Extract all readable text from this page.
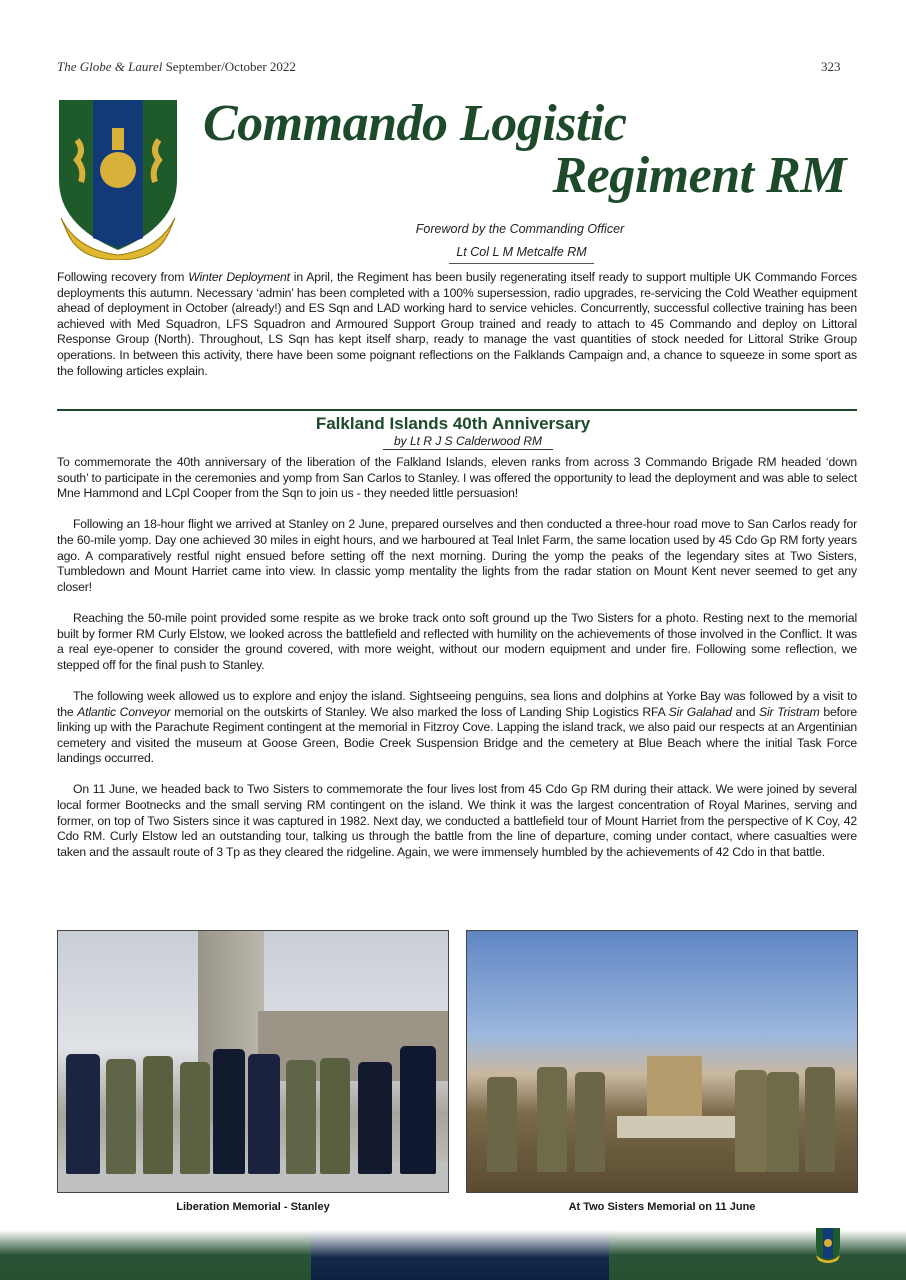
The Globe & Laurel September/October 2022	323
Commando Logistic
Regiment RM
Foreword by the Commanding Officer
Lt Col L M Metcalfe RM

Following recovery from Winter Deployment in April, the Regiment has been busily regenerating itself ready to support multiple UK Commando Forces deployments this autumn. Necessary ‘admin’ has been completed with a 100% supersession, radio upgrades, re-servicing the Cold Weather equipment ahead of deployment in October (already!) and ES Sqn and LAD working hard to service vehicles. Concurrently, successful collective training has been achieved with Med Squadron, LFS Squadron and Armoured Support Group trained and ready to attach to 45 Commando and deploy on Littoral Response Group (North). Throughout, LS Sqn has kept itself sharp, ready to manage the vast quantities of stock needed for Littoral Strike Group operations. In between this activity, there have been some poignant reflections on the Falklands Campaign and, a chance to squeeze in some sport as the following articles explain.

Falkland Islands 40th Anniversary
by Lt R J S Calderwood RM

To commemorate the 40th anniversary of the liberation of the Falkland Islands, eleven ranks from across 3 Commando Brigade RM headed ‘down south’ to participate in the ceremonies and yomp from San Carlos to Stanley. I was offered the opportunity to lead the deployment and was able to select Mne Hammond and LCpl Cooper from the Sqn to join us - they needed little persuasion!

Following an 18-hour flight we arrived at Stanley on 2 June, prepared ourselves and then conducted a three-hour road move to San Carlos ready for the 60-mile yomp. Day one achieved 30 miles in eight hours, and we harboured at Teal Inlet Farm, the same location used by 45 Cdo Gp RM forty years ago. A comparatively restful night ensued before setting off the next morning. During the yomp the peaks of the legendary sites at Two Sisters, Tumbledown and Mount Harriet came into view. In classic yomp mentality the lights from the radar station on Mount Kent never seemed to get any closer!

Reaching the 50-mile point provided some respite as we broke track onto soft ground up the Two Sisters for a photo. Resting next to the memorial built by former RM Curly Elstow, we looked across the battlefield and reflected with humility on the achievements of those involved in the Conflict. It was a real eye-opener to consider the ground covered, with more weight, without our modern equipment and under fire. Following some reflection, we stepped off for the final push to Stanley.

The following week allowed us to explore and enjoy the island. Sightseeing penguins, sea lions and dolphins at Yorke Bay was followed by a visit to the Atlantic Conveyor memorial on the outskirts of Stanley. We also marked the loss of Landing Ship Logistics RFA Sir Galahad and Sir Tristram before linking up with the Parachute Regiment contingent at the memorial in Fitzroy Cove. Lapping the island track, we also paid our respects at an Argentinian cemetery and visited the museum at Goose Green, Bodie Creek Suspension Bridge and the cemetery at Blue Beach where the initial Task Force landings occurred.

On 11 June, we headed back to Two Sisters to commemorate the four lives lost from 45 Cdo Gp RM during their attack. We were joined by several local former Bootnecks and the small serving RM contingent on the island. We think it was the largest concentration of Royal Marines, serving and former, on top of Two Sisters since it was captured in 1982. Next day, we conducted a battlefield tour of Mount Harriet from the perspective of K Coy, 42 Cdo RM. Curly Elstow led an outstanding tour, talking us through the battle from the line of departure, coming under contact, where casualties were taken and the assault route of 3 Tp as they cleared the ridgeline. Again, we were immensely humbled by the achievements of 42 Cdo in that battle.

Liberation Memorial - Stanley	At Two Sisters Memorial on 11 June
